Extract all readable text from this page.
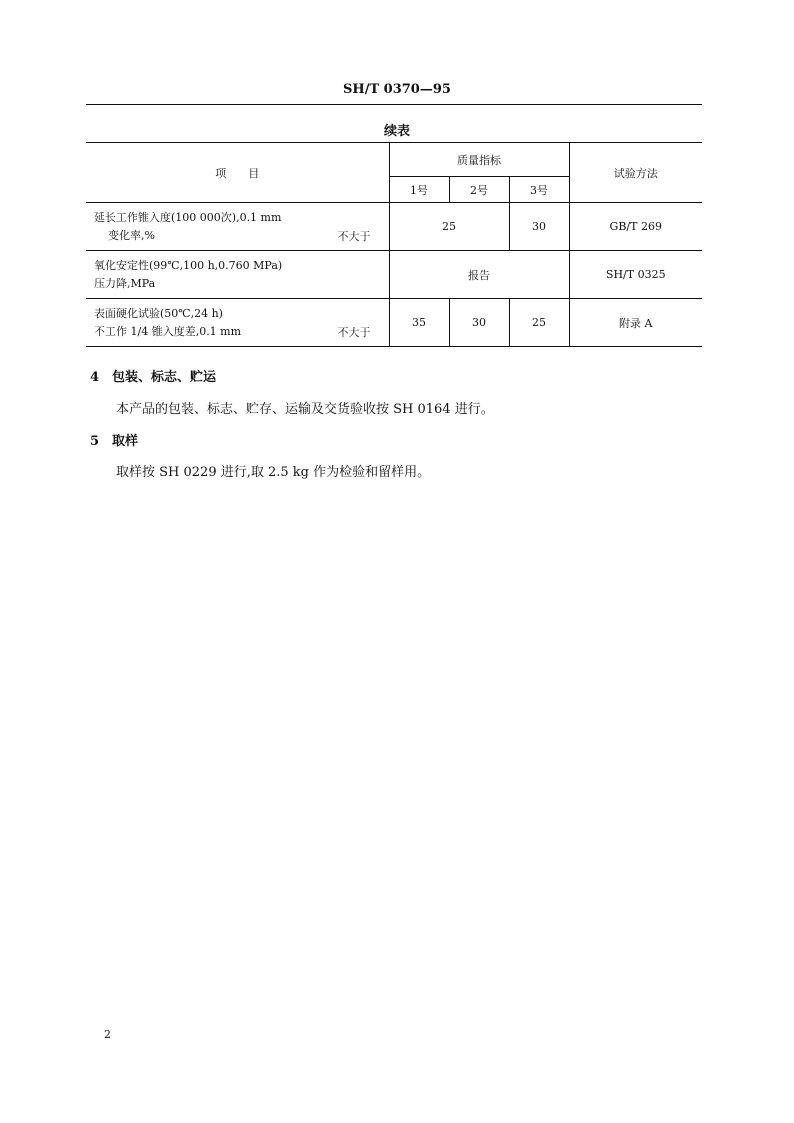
SH/T 0370—95
续表
项　　目	质量指标			试验方法
	1号	2号	3号	

延长工作锥入度(100 000次),0.1 mm
变化率,% 不大于	25		30	GB/T 269

氧化安定性(99℃,100 h,0.760 MPa)
压力降,MPa	报告			SH/T 0325

表面硬化试验(50℃,24 h)
不工作 1/4 锥入度差,0.1 mm 不大于	35	30	25	附录 A
4 包装、标志、贮运
本产品的包装、标志、贮存、运输及交货验收按 SH 0164 进行。
5 取样
取样按 SH 0229 进行,取 2.5 kg 作为检验和留样用。
2
